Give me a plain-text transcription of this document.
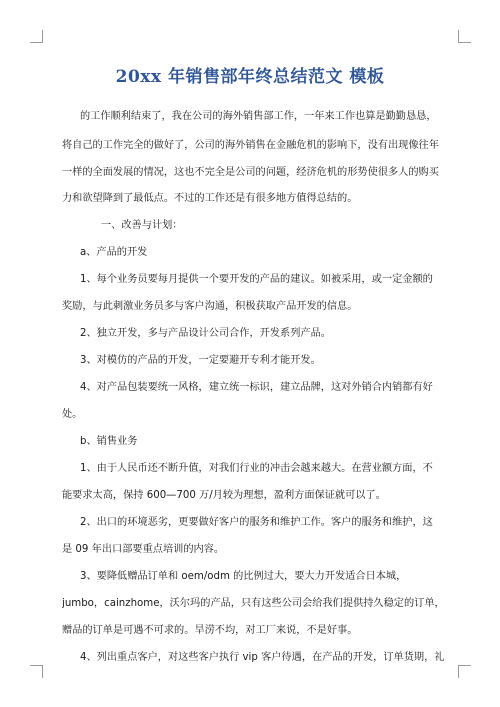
20xx 年销售部年终总结范文 模板
的工作顺利结束了，我在公司的海外销售部工作，一年来工作也算是勤勤恳恳，
将自己的工作完全的做好了，公司的海外销售在金融危机的影响下，没有出现像往年
一样的全面发展的情况，这也不完全是公司的问题，经济危机的形势使很多人的购买
力和欲望降到了最低点。不过的工作还是有很多地方值得总结的。
一、改善与计划：
a、产品的开发
1、每个业务员要每月提供一个要开发的产品的建议。如被采用，或一定金额的
奖励，与此刺激业务员多与客户沟通，积极获取产品开发的信息。
2、独立开发，多与产品设计公司合作，开发系列产品。
3、对模仿的产品的开发，一定要避开专利才能开发。
4、对产品包装要统一风格，建立统一标识，建立品牌，这对外销合内销都有好
处。
b、销售业务
1、由于人民币还不断升值，对我们行业的冲击会越来越大。在营业额方面，不
能要求太高，保持 600—700 万/月较为理想，盈利方面保证就可以了。
2、出口的环境恶劣，更要做好客户的服务和维护工作。客户的服务和维护，这
是 09 年出口部要重点培训的内容。
3、要降低赠品订单和 oem/odm 的比例过大，要大力开发适合日本城，
jumbo，cainzhome，沃尔玛的产品，只有这些公司会给我们提供持久稳定的订单，
赠品的订单是可遇不可求的。旱涝不均，对工厂来说，不是好事。
4、列出重点客户，对这些客户执行 vip 客户待遇，在产品的开发，订单货期，礼
